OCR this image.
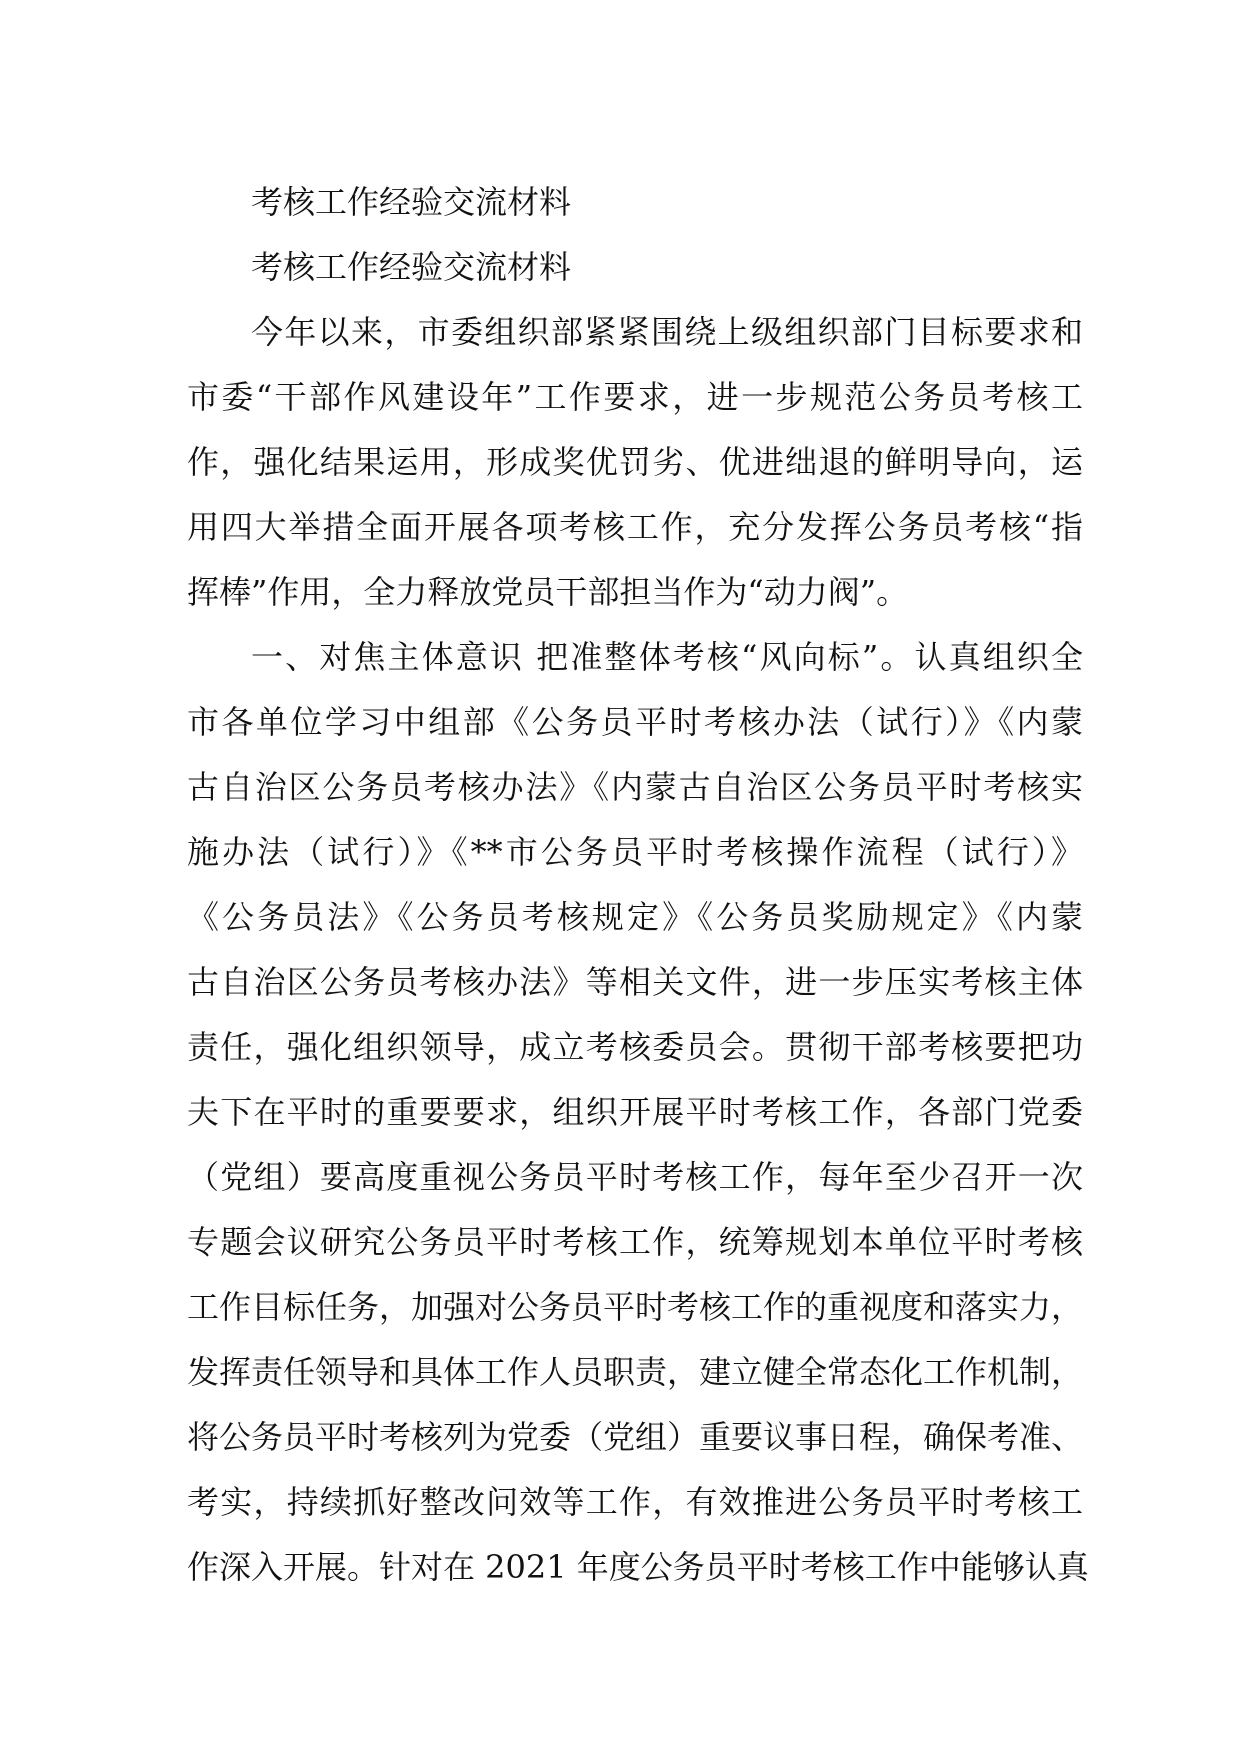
考核工作经验交流材料

考核工作经验交流材料

今年以来，市委组织部紧紧围绕上级组织部门目标要求和
市委“干部作风建设年”工作要求，进一步规范公务员考核工
作，强化结果运用，形成奖优罚劣、优进绌退的鲜明导向，运
用四大举措全面开展各项考核工作，充分发挥公务员考核“指
挥棒”作用，全力释放党员干部担当作为“动力阀”。
一、对焦主体意识 把准整体考核“风向标”。认真组织全
市各单位学习中组部《公务员平时考核办法（试行）》《内蒙
古自治区公务员考核办法》《内蒙古自治区公务员平时考核实
施办法（试行）》《**市公务员平时考核操作流程（试行）》
《公务员法》《公务员考核规定》《公务员奖励规定》《内蒙
古自治区公务员考核办法》等相关文件，进一步压实考核主体
责任，强化组织领导，成立考核委员会。贯彻干部考核要把功
夫下在平时的重要要求，组织开展平时考核工作，各部门党委
（党组）要高度重视公务员平时考核工作，每年至少召开一次
专题会议研究公务员平时考核工作，统筹规划本单位平时考核
工作目标任务，加强对公务员平时考核工作的重视度和落实力，
发挥责任领导和具体工作人员职责，建立健全常态化工作机制，
将公务员平时考核列为党委（党组）重要议事日程，确保考准、
考实，持续抓好整改问效等工作，有效推进公务员平时考核工
作深入开展。针对在 2021 年度公务员平时考核工作中能够认真
